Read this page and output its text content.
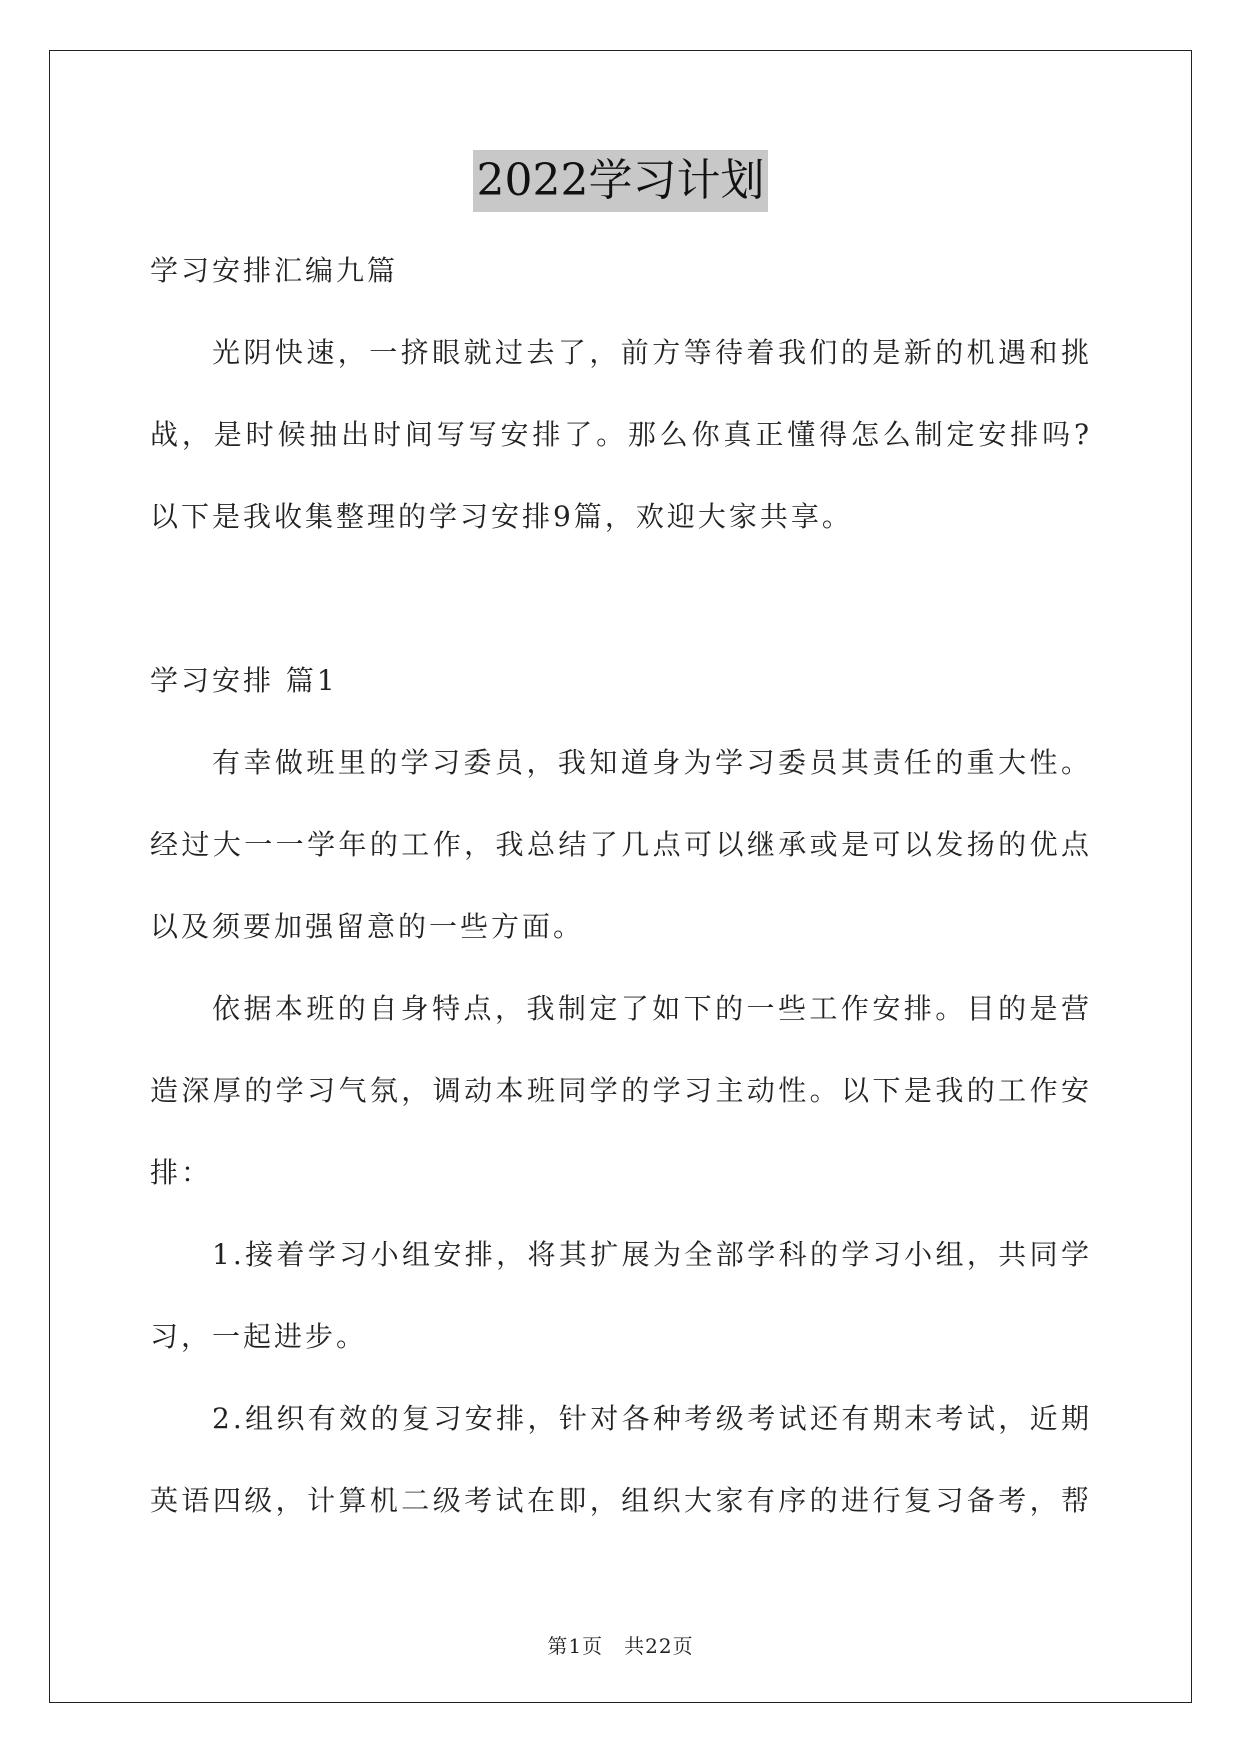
2022学习计划
学习安排汇编九篇
光阴快速，一挤眼就过去了，前方等待着我们的是新的机遇和挑
战，是时候抽出时间写写安排了。那么你真正懂得怎么制定安排吗?
以下是我收集整理的学习安排9篇，欢迎大家共享。
学习安排 篇1
有幸做班里的学习委员，我知道身为学习委员其责任的重大性。
经过大一一学年的工作，我总结了几点可以继承或是可以发扬的优点
以及须要加强留意的一些方面。
依据本班的自身特点，我制定了如下的一些工作安排。目的是营
造深厚的学习气氛，调动本班同学的学习主动性。以下是我的工作安
排：
1.接着学习小组安排，将其扩展为全部学科的学习小组，共同学
习，一起进步。
2.组织有效的复习安排，针对各种考级考试还有期末考试，近期
英语四级，计算机二级考试在即，组织大家有序的进行复习备考，帮
第1页　共22页
